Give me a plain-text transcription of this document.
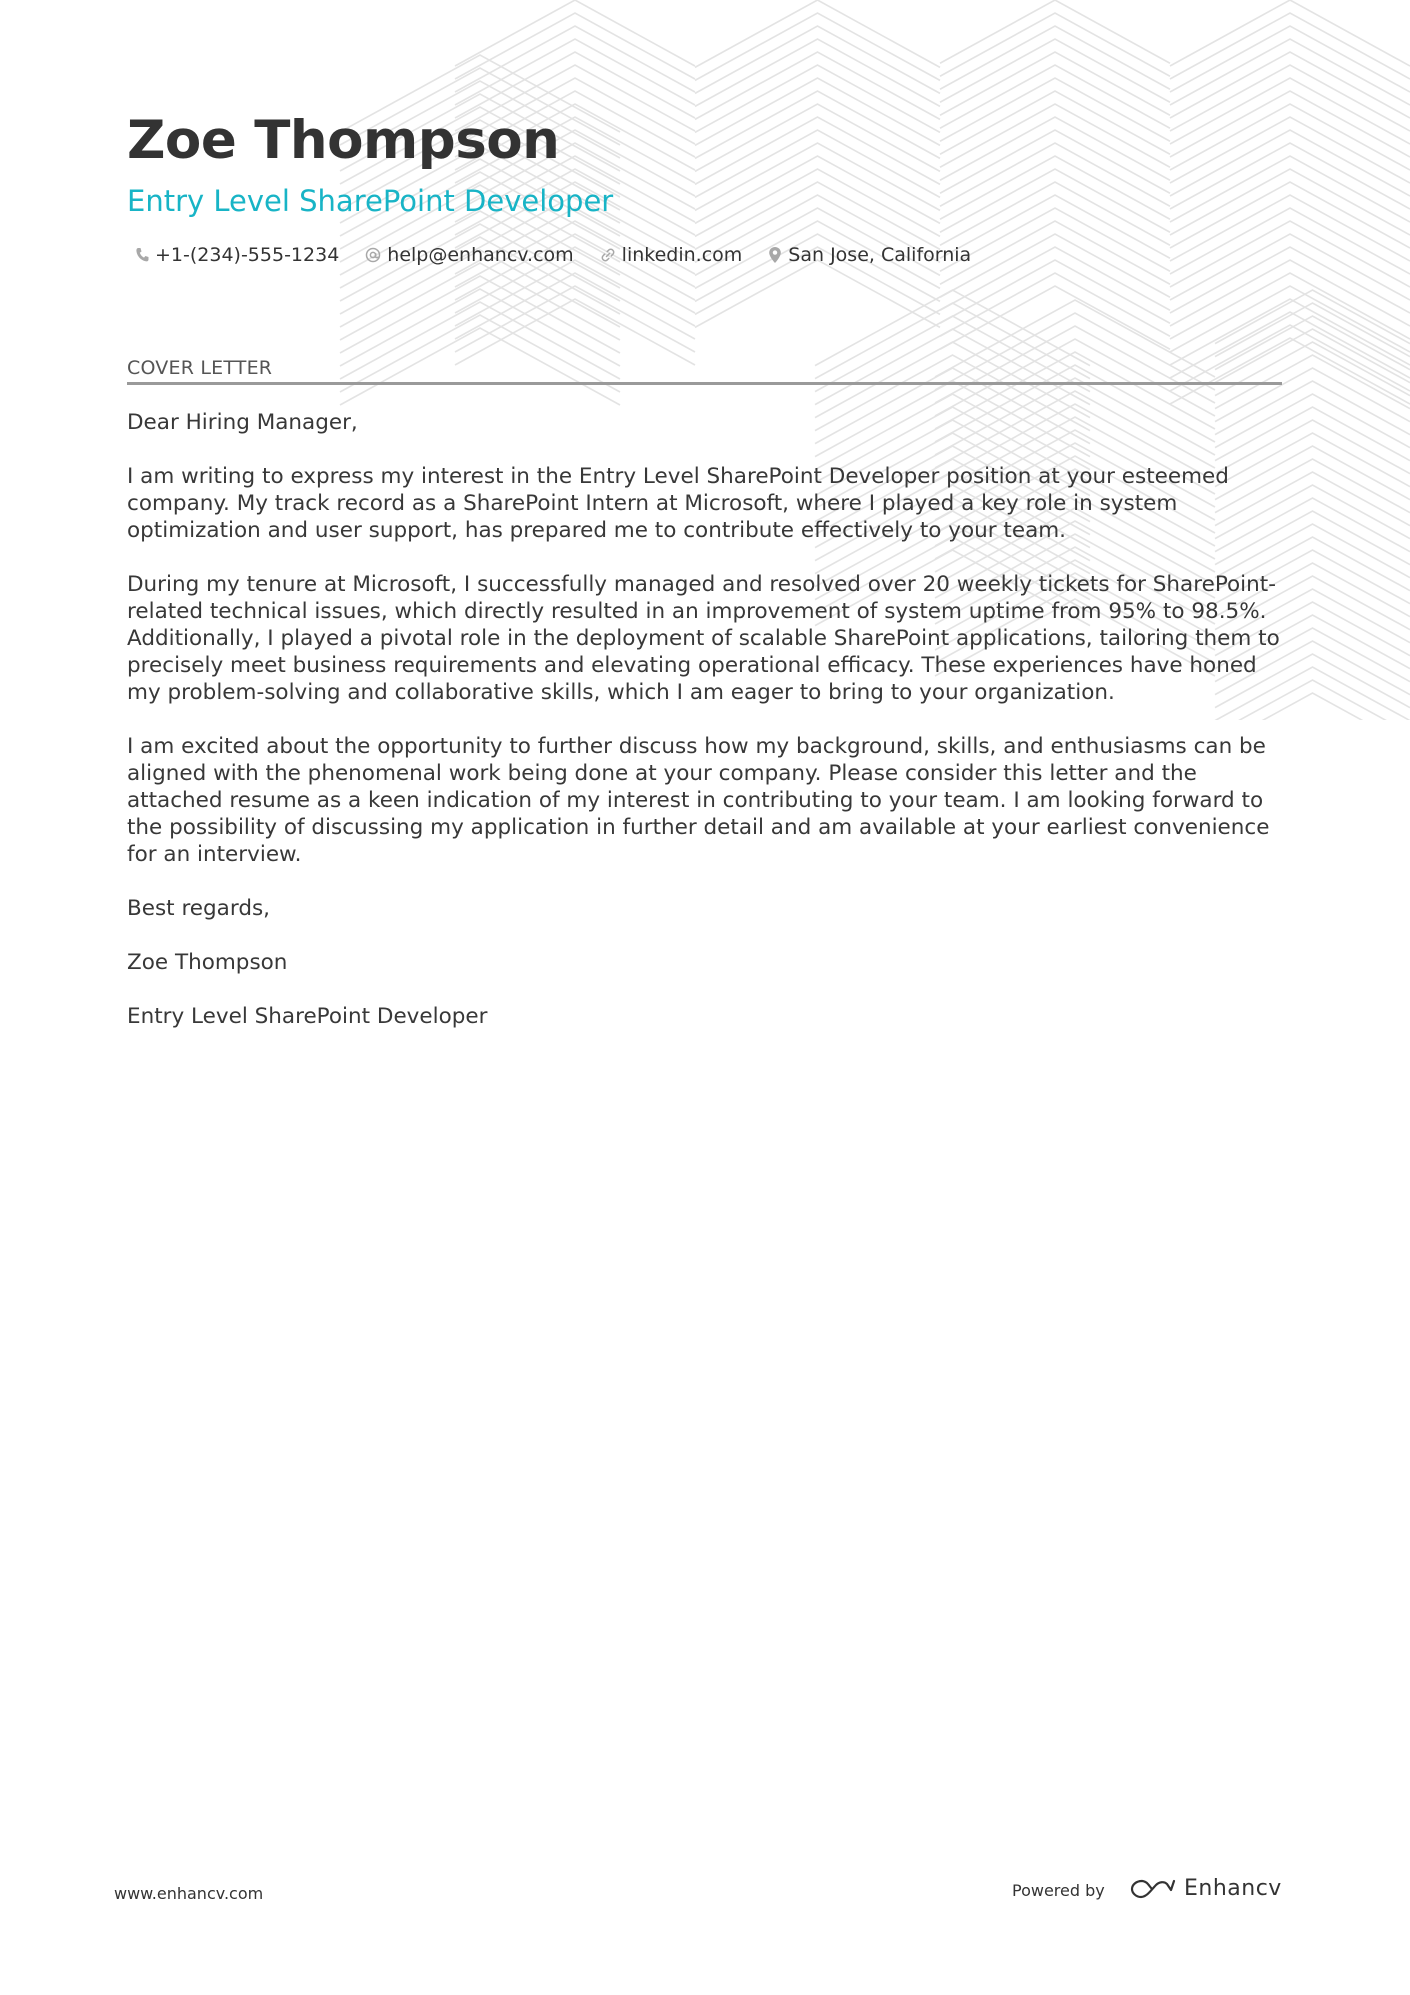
Zoe Thompson
Entry Level SharePoint Developer
+1-(234)-555-1234	help@enhancv.com	linkedin.com San Jose, California
COVER LETTER

Dear Hiring Manager,

I am writing to express my interest in the Entry Level SharePoint Developer position at your esteemed company. My track record as a SharePoint Intern at Microsoft, where I played a key role in system optimization and user support, has prepared me to contribute effectively to your team.

During my tenure at Microsoft, I successfully managed and resolved over 20 weekly tickets for SharePoint-related technical issues, which directly resulted in an improvement of system uptime from 95% to 98.5%. Additionally, I played a pivotal role in the deployment of scalable SharePoint applications, tailoring them to precisely meet business requirements and elevating operational efficacy. These experiences have honed my problem-solving and collaborative skills, which I am eager to bring to your organization.

I am excited about the opportunity to further discuss how my background, skills, and enthusiasms can be aligned with the phenomenal work being done at your company. Please consider this letter and the attached resume as a keen indication of my interest in contributing to your team. I am looking forward to the possibility of discussing my application in further detail and am available at your earliest convenience for an interview.

Best regards,

Zoe Thompson

Entry Level SharePoint Developer

www.enhancv.com	Powered by	Enhancv
